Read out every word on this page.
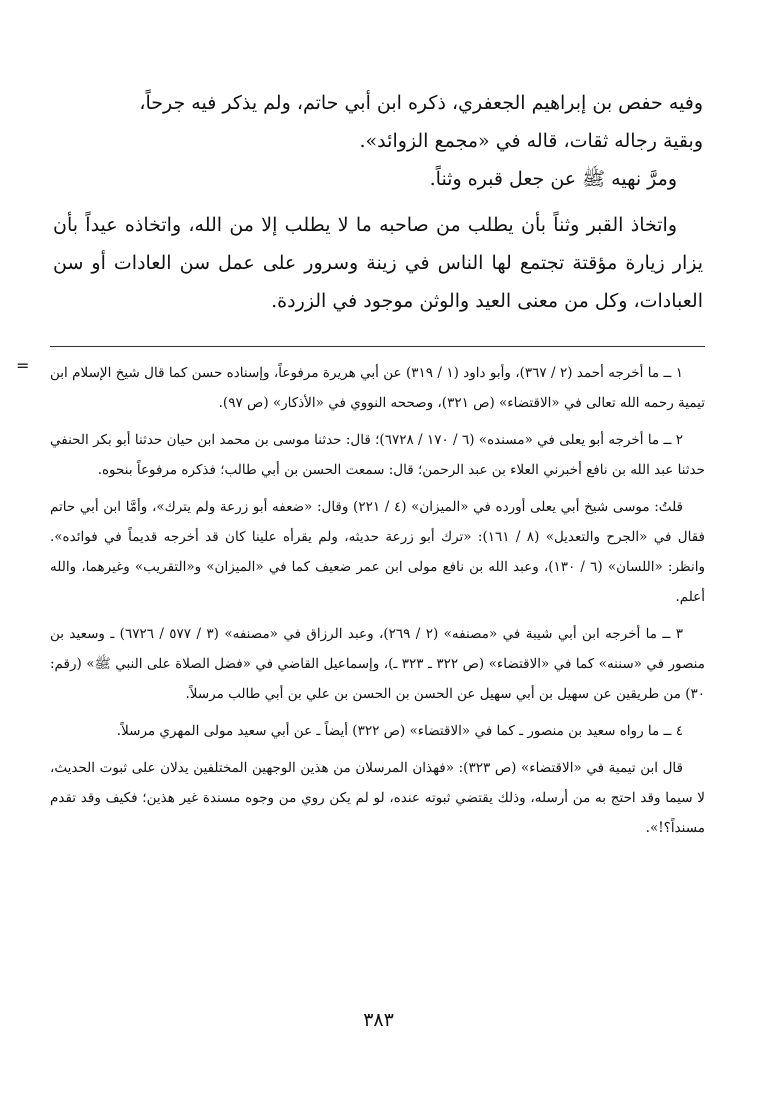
وفيه حفص بن إبراهيم الجعفري، ذكره ابن أبي حاتم، ولم يذكر فيه جرحاً،

وبقية رجاله ثقات، قاله في «مجمع الزوائد».

ومرَّ نهيه ﷺ عن جعل قبره وثناً.

واتخاذ القبر وثناً بأن يطلب من صاحبه ما لا يطلب إلا من الله، واتخاذه عيداً بأن يزار زيارة مؤقتة تجتمع لها الناس في زينة وسرور على عمل سن العادات أو سن العبادات، وكل من معنى العيد والوثن موجود في الزردة.

= ١ ــ ما أخرجه أحمد (٢ / ٣٦٧)، وأبو داود (١ / ٣١٩) عن أبي هريرة مرفوعاً، وإسناده حسن كما قال شيخ الإسلام ابن تيمية رحمه الله تعالى في «الاقتضاء» (ص ٣٢١)، وصححه النووي في «الأذكار» (ص ٩٧).

٢ ــ ما أخرجه أبو يعلى في «مسنده» (٦ / ١٧٠ / ٦٧٢٨)؛ قال: حدثنا موسى بن محمد ابن حيان حدثنا أبو بكر الحنفي حدثنا عبد الله بن نافع أخبرني العلاء بن عبد الرحمن؛ قال: سمعت الحسن بن أبي طالب؛ فذكره مرفوعاً بنحوه.

قلتُ: موسى شيخ أبي يعلى أورده في «الميزان» (٤ / ٢٢١) وقال: «ضعفه أبو زرعة ولم يترك»، وأمَّا ابن أبي حاتم فقال في «الجرح والتعديل» (٨ / ١٦١): «ترك أبو زرعة حديثه، ولم يقرأه علينا كان قد أخرجه قديماً في فوائده». وانظر: «اللسان» (٦ / ١٣٠)، وعبد الله بن نافع مولى ابن عمر ضعيف كما في «الميزان» و«التقريب» وغيرهما، والله أعلم.

٣ ــ ما أخرجه ابن أبي شيبة في «مصنفه» (٢ / ٢٦٩)، وعبد الرزاق في «مصنفه» (٣ / ٥٧٧ / ٦٧٢٦) ـ وسعيد بن منصور في «سننه» كما في «الاقتضاء» (ص ٣٢٢ ـ ٣٢٣ ـ)، وإسماعيل القاضي في «فضل الصلاة على النبي ﷺ» (رقم: ٣٠) من طريقين عن سهيل بن أبي سهيل عن الحسن بن الحسن بن علي بن أبي طالب مرسلاً.

٤ ــ ما رواه سعيد بن منصور ـ كما في «الاقتضاء» (ص ٣٢٢) أيضاً ـ عن أبي سعيد مولى المهري مرسلاً.

قال ابن تيمية في «الاقتضاء» (ص ٣٢٣): «فهذان المرسلان من هذين الوجهين المختلفين يدلان على ثبوت الحديث، لا سيما وقد احتج به من أرسله، وذلك يقتضي ثبوته عنده، لو لم يكن روي من وجوه مسندة غير هذين؛ فكيف وقد تقدم مسنداً؟!».

٣٨٣
